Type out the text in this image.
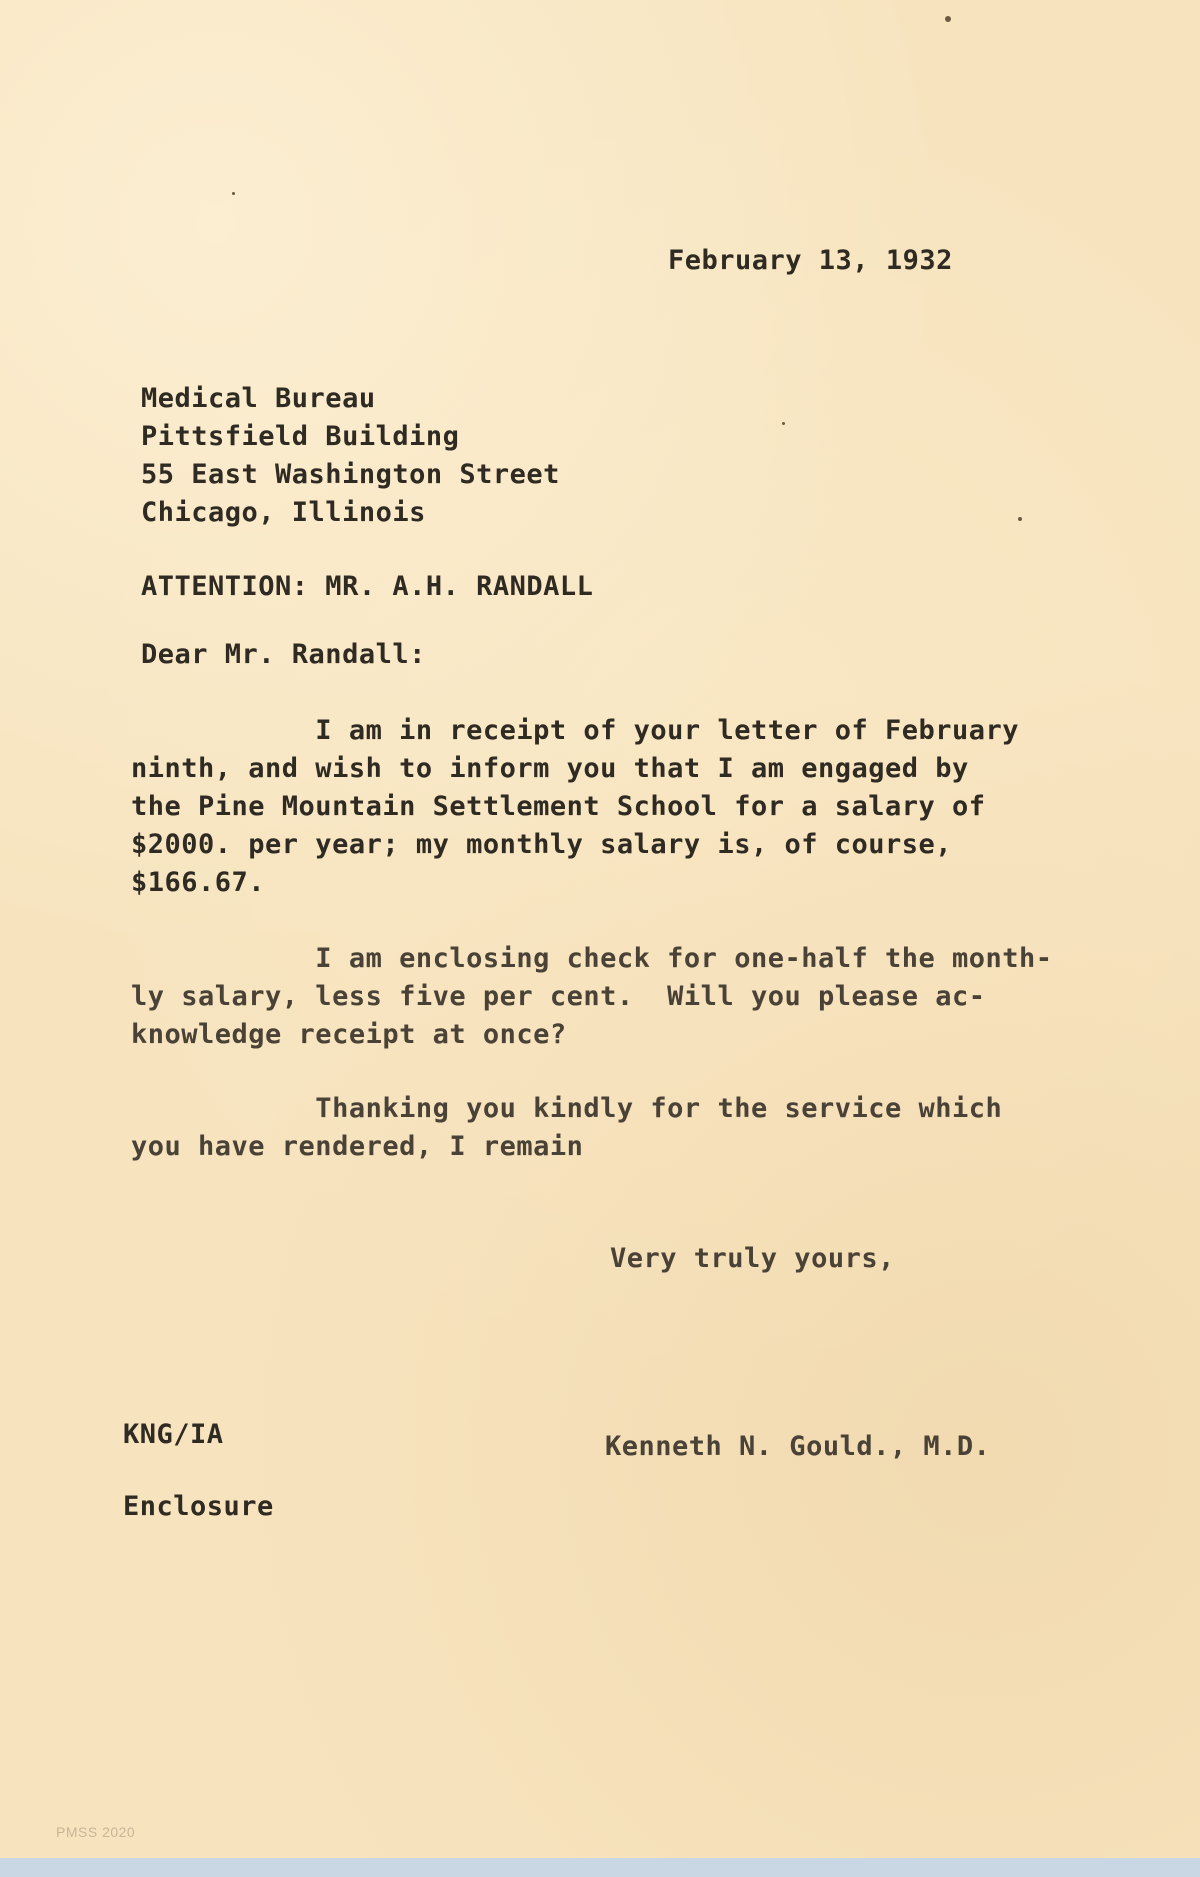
February 13, 1932
Medical Bureau
Pittsfield Building
55 East Washington Street
Chicago, Illinois
ATTENTION: MR. A.H. RANDALL
Dear Mr. Randall:
I am in receipt of your letter of February
ninth, and wish to inform you that I am engaged by
the Pine Mountain Settlement School for a salary of
$2000. per year; my monthly salary is, of course,
$166.67.
I am enclosing check for one-half the month-
ly salary, less five per cent.  Will you please ac-
knowledge receipt at once?
Thanking you kindly for the service which
you have rendered, I remain
Very truly yours,
KNG/IA	Kenneth N. Gould., M.D.
Enclosure
PMSS 2020
